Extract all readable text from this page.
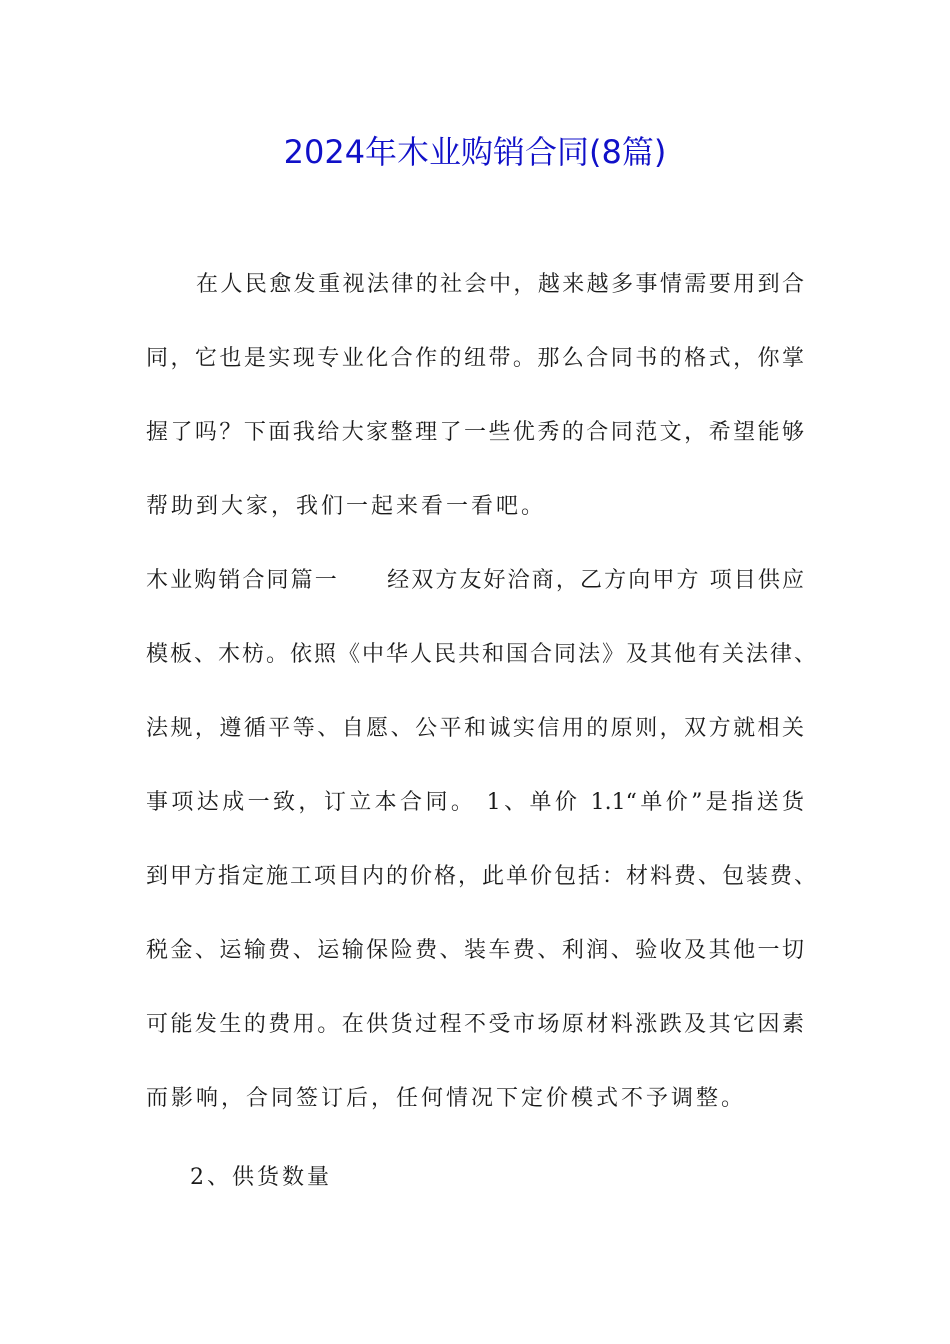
2024年木业购销合同(8篇)
在人民愈发重视法律的社会中，越来越多事情需要用到合
同，它也是实现专业化合作的纽带。那么合同书的格式，你掌
握了吗？下面我给大家整理了一些优秀的合同范文，希望能够
帮助到大家，我们一起来看一看吧。
木业购销合同篇一　　经双方友好洽商，乙方向甲方 项目供应
模板、木枋。依照《中华人民共和国合同法》及其他有关法律、
法规，遵循平等、自愿、公平和诚实信用的原则，双方就相关
事项达成一致，订立本合同。 1、单价 1.1“单价”是指送货
到甲方指定施工项目内的价格，此单价包括：材料费、包装费、
税金、运输费、运输保险费、装车费、利润、验收及其他一切
可能发生的费用。在供货过程不受市场原材料涨跌及其它因素
而影响，合同签订后，任何情况下定价模式不予调整。
2、供货数量
